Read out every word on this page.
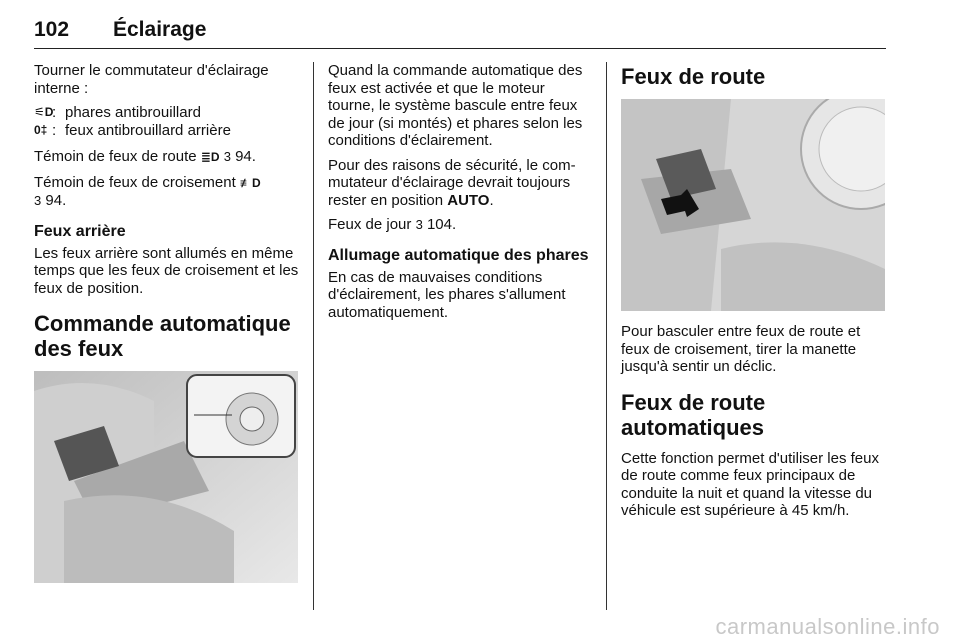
102 Éclairage

Tourner le commutateur d'éclairage interne :

⚟D
: phares antibrouillard
0‡ : feux antibrouillard arrière

Témoin de feux de route ≣D 3 94.

Témoin de feux de croisement ≢D
3 94.

Feux arrière

Les feux arrière sont allumés en même temps que les feux de croisement et les feux de position.

Commande automatique des feux

Quand la commande automatique des feux est activée et que le moteur tourne, le système bascule entre feux de jour (si montés) et phares selon les conditions d'éclairement.

Pour des raisons de sécurité, le commutateur d'éclairage devrait toujours rester en position AUTO.

Feux de jour 3 104.

Allumage automatique des phares

En cas de mauvaises conditions d'éclairement, les phares s'allument automatiquement.

Feux de route

Pour basculer entre feux de route et feux de croisement, tirer la manette jusqu'à sentir un déclic.

Feux de route automatiques

Cette fonction permet d'utiliser les feux de route comme feux principaux de conduite la nuit et quand la vitesse du véhicule est supérieure à 45 km/h.

carmanualsonline.info
